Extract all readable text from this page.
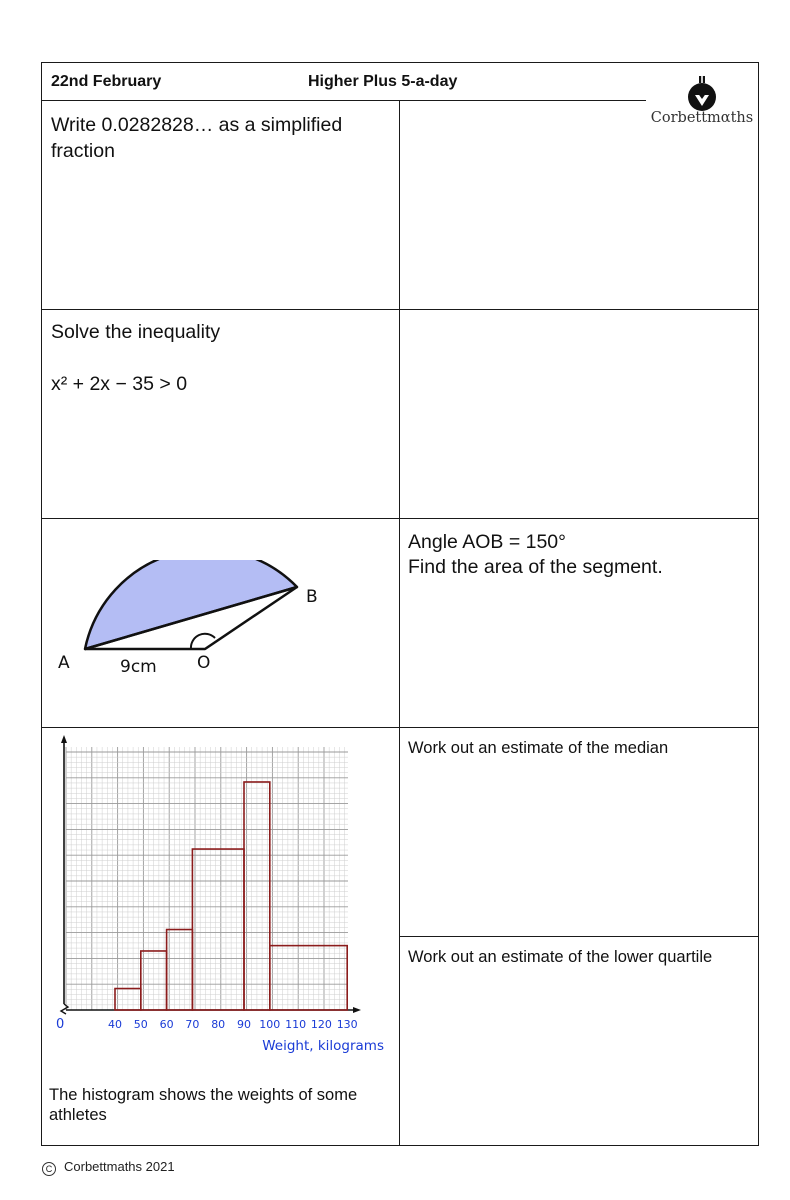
22nd February	Higher Plus 5-a-day
Corbettmαths
Write 0.0282828… as a simplified
fraction
Solve the inequality
x² + 2x − 35 > 0
Angle AOB = 150°
Find the area of the segment.
A	9cm O
B
40 50 60 70 80 90 100 110 120 130
0
Weight, kilograms
The histogram shows the weights of some
athletes
Work out an estimate of the median
Work out an estimate of the lower quartile
C Corbettmaths 2021
